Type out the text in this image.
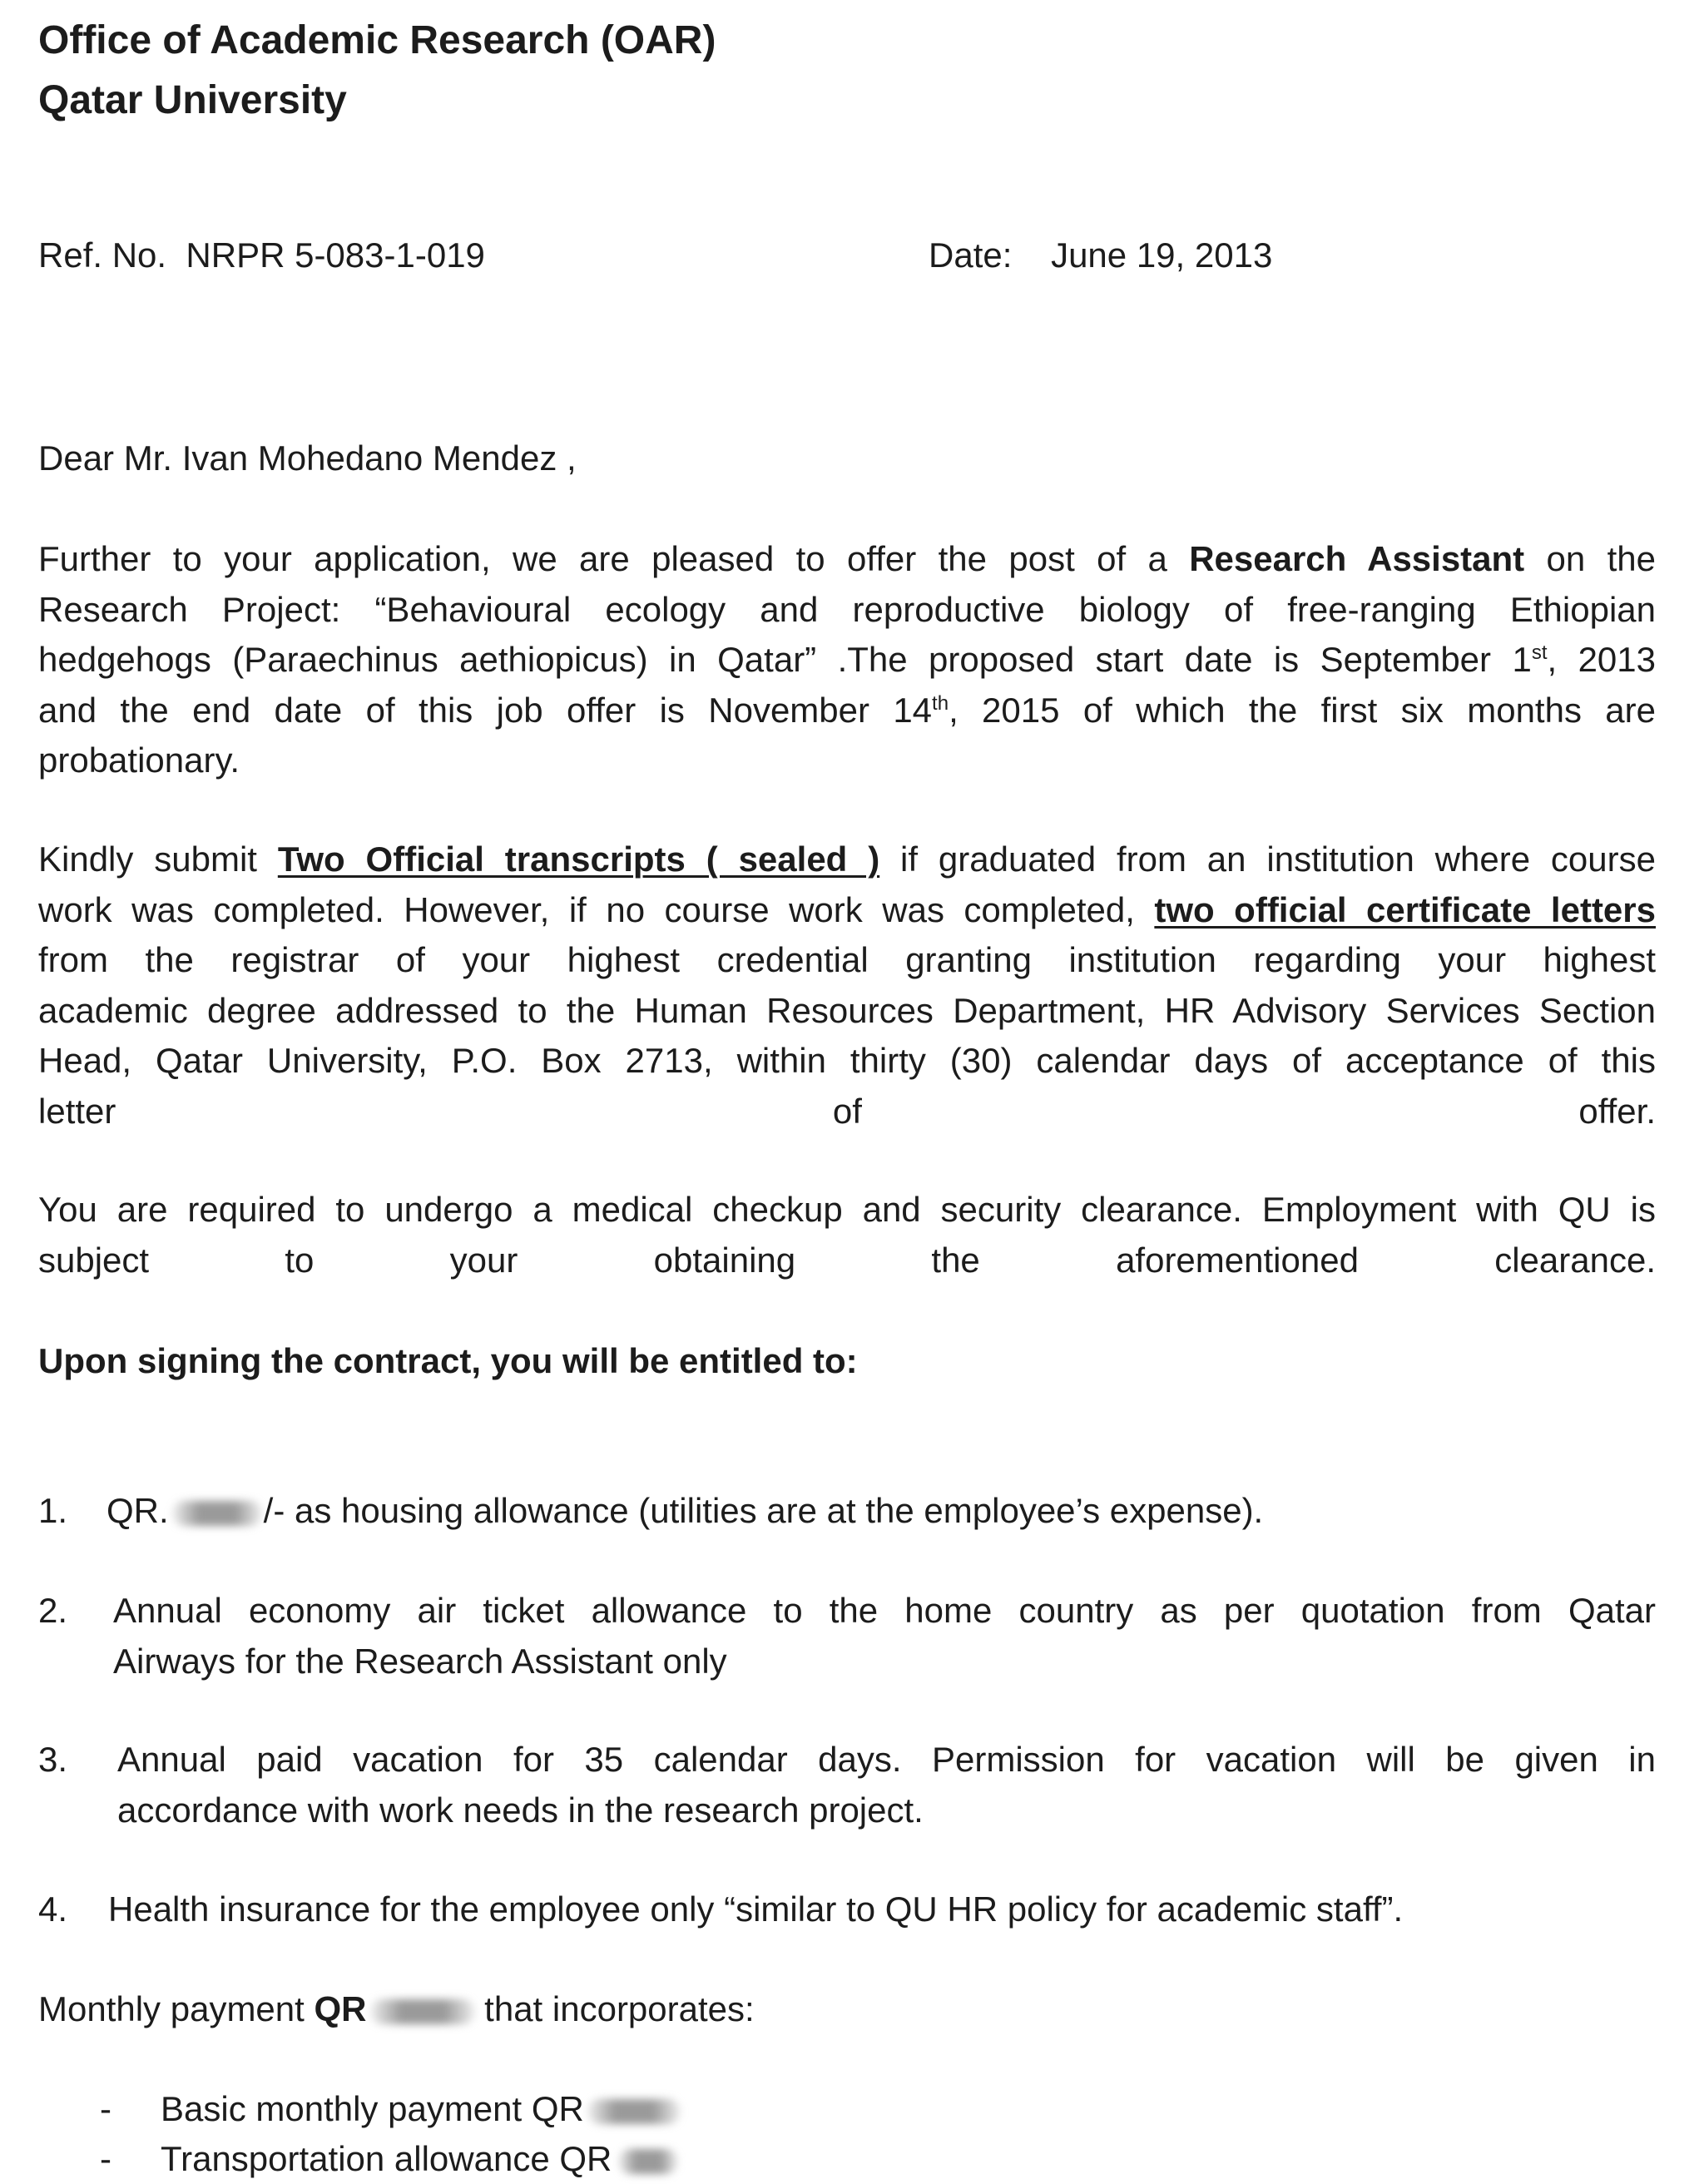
Office of Academic Research (OAR)
Qatar University
Ref. No. NRPR 5-083-1-019	Date: June 19, 2013
Dear Mr. Ivan Mohedano Mendez ,
Further to your application, we are pleased to offer the post of a Research Assistant on the
Research Project: “Behavioural ecology and reproductive biology of free-ranging Ethiopian
hedgehogs (Paraechinus aethiopicus) in Qatar” .The proposed start date is September 1st, 2013
and the end date of this job offer is November 14th, 2015 of which the first six months are
probationary.
Kindly submit Two Official transcripts ( sealed ) if graduated from an institution where course
work was completed. However, if no course work was completed, two official certificate letters
from the registrar of your highest credential granting institution regarding your highest
academic degree addressed to the Human Resources Department, HR Advisory Services Section
Head, Qatar University, P.O. Box 2713, within thirty (30) calendar days of acceptance of this
letter of offer.
You are required to undergo a medical checkup and security clearance. Employment with QU is
subject to your obtaining the aforementioned clearance.
Upon signing the contract, you will be entitled to:
1. QR.	/- as housing allowance (utilities are at the employee’s expense).
2. Annual economy air ticket allowance to the home country as per quotation from Qatar
Airways for the Research Assistant only
3. Annual paid vacation for 35 calendar days. Permission for vacation will be given in
accordance with work needs in the research project.
4. Health insurance for the employee only “similar to QU HR policy for academic staff”.
Monthly payment QR	that incorporates:
- Basic monthly payment QR
- Transportation allowance QR
